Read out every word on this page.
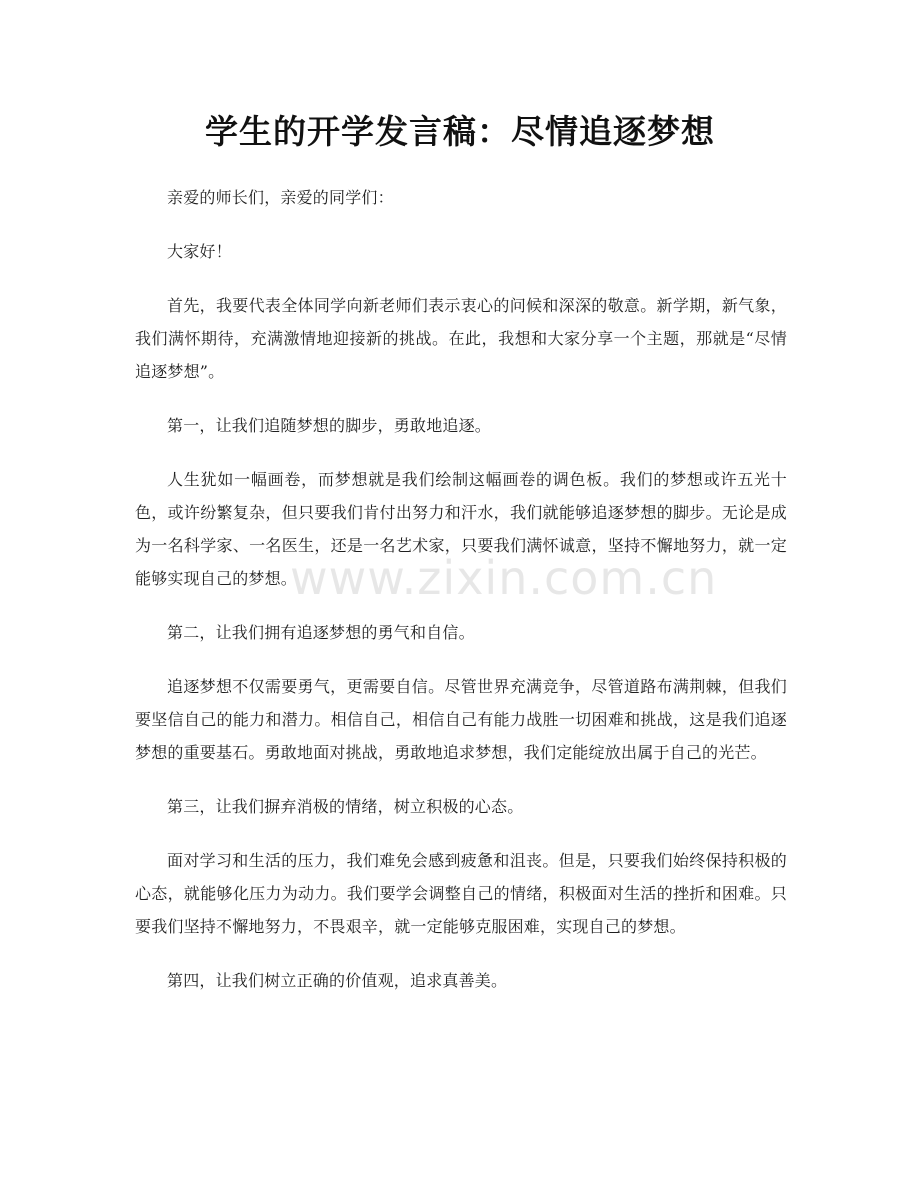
学生的开学发言稿：尽情追逐梦想

亲爱的师长们，亲爱的同学们：

大家好！

首先，我要代表全体同学向新老师们表示衷心的问候和深深的敬意。新学期，新气象，我们满怀期待，充满激情地迎接新的挑战。在此，我想和大家分享一个主题，那就是“尽情追逐梦想”。

第一，让我们追随梦想的脚步，勇敢地追逐。

人生犹如一幅画卷，而梦想就是我们绘制这幅画卷的调色板。我们的梦想或许五光十色，或许纷繁复杂，但只要我们肯付出努力和汗水，我们就能够追逐梦想的脚步。无论是成为一名科学家、一名医生，还是一名艺术家，只要我们满怀诚意，坚持不懈地努力，就一定能够实现自己的梦想。

第二，让我们拥有追逐梦想的勇气和自信。

追逐梦想不仅需要勇气，更需要自信。尽管世界充满竞争，尽管道路布满荆棘，但我们要坚信自己的能力和潜力。相信自己，相信自己有能力战胜一切困难和挑战，这是我们追逐梦想的重要基石。勇敢地面对挑战，勇敢地追求梦想，我们定能绽放出属于自己的光芒。

第三，让我们摒弃消极的情绪，树立积极的心态。

面对学习和生活的压力，我们难免会感到疲惫和沮丧。但是，只要我们始终保持积极的心态，就能够化压力为动力。我们要学会调整自己的情绪，积极面对生活的挫折和困难。只要我们坚持不懈地努力，不畏艰辛，就一定能够克服困难，实现自己的梦想。

第四，让我们树立正确的价值观，追求真善美。

www.zixin.com.cn
